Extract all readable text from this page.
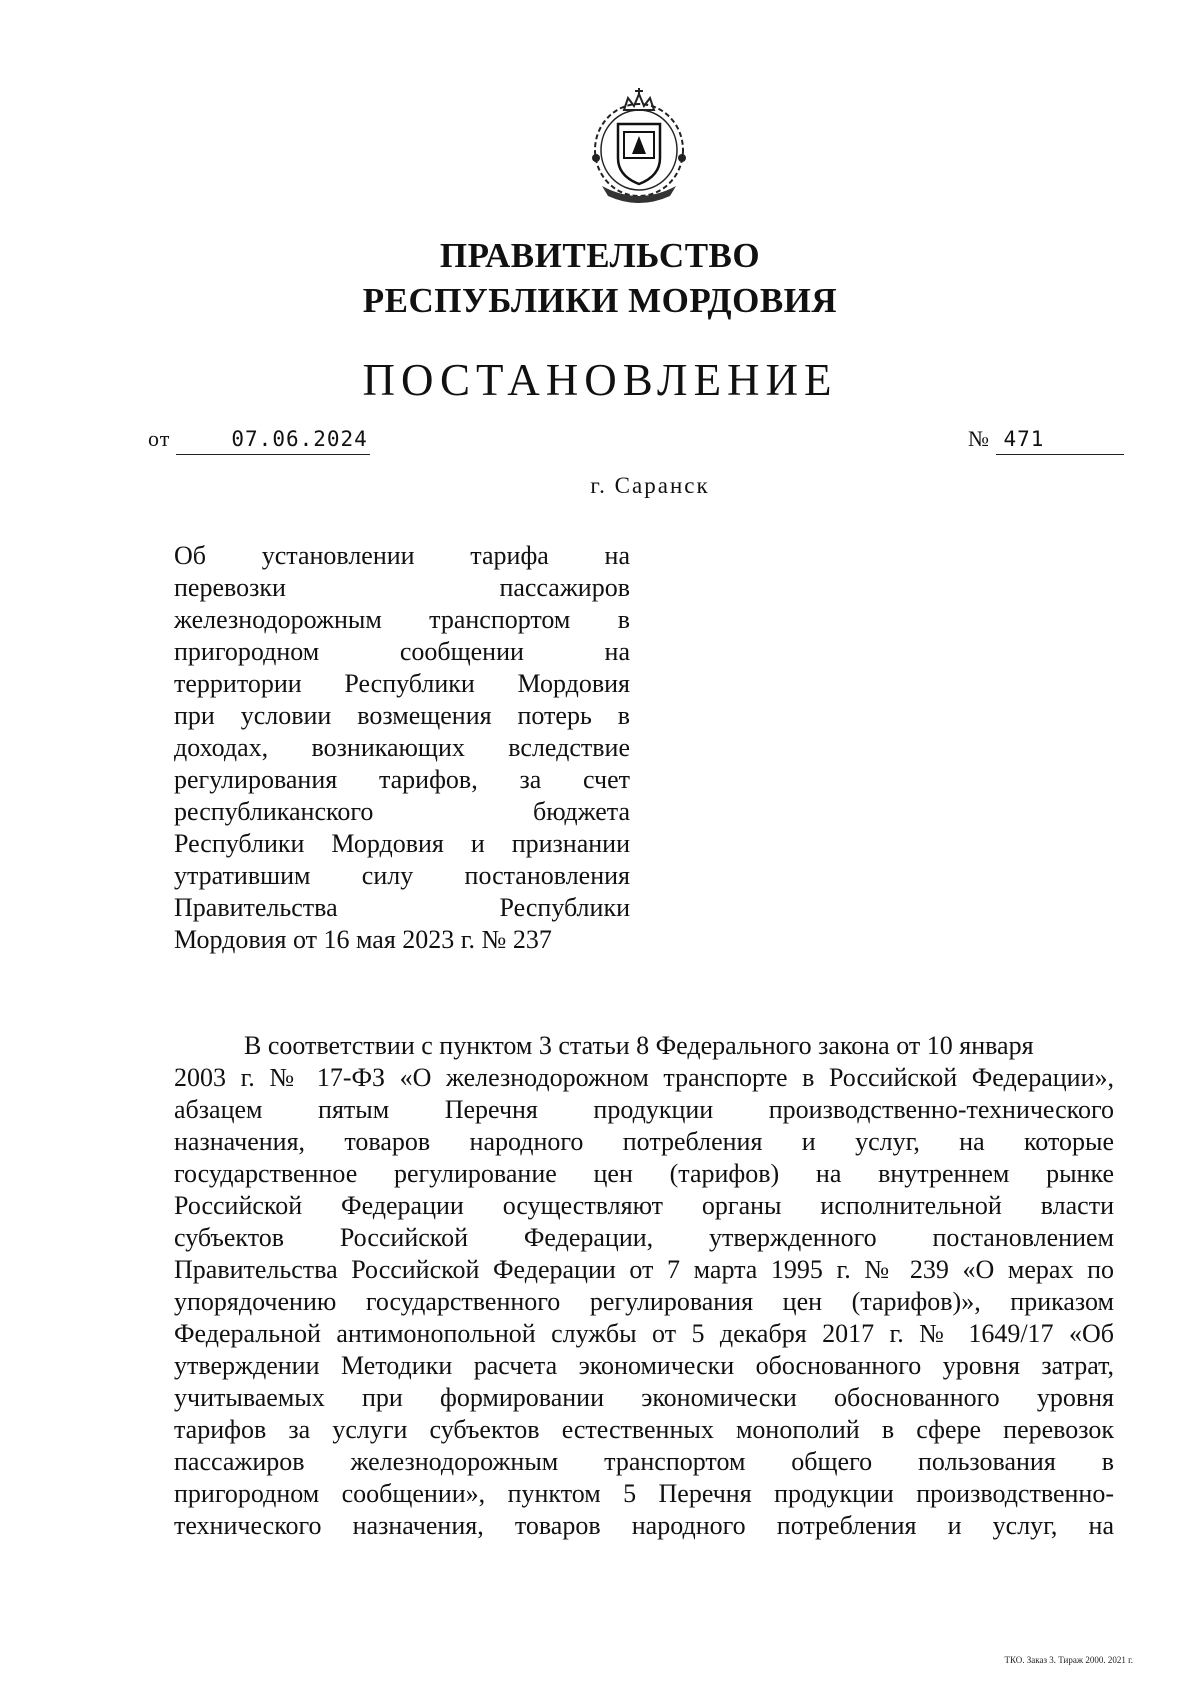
ПРАВИТЕЛЬСТВО
РЕСПУБЛИКИ МОРДОВИЯ
ПОСТАНОВЛЕНИЕ
от	07.06.2024	№ 471
г. Саранск
Об установлении тарифа на
перевозки пассажиров
железнодорожным транспортом в
пригородном сообщении на
территории Республики Мордовия
при условии возмещения потерь в
доходах, возникающих вследствие
регулирования тарифов, за счет
республиканского бюджета
Республики Мордовия и признании
утратившим силу постановления
Правительства Республики
Мордовия от 16 мая 2023 г. № 237
В соответствии с пунктом 3 статьи 8 Федерального закона от 10 января
2003 г. № 17-ФЗ «О железнодорожном транспорте в Российской Федерации»,
абзацем пятым Перечня продукции производственно-технического
назначения, товаров народного потребления и услуг, на которые
государственное регулирование цен (тарифов) на внутреннем рынке
Российской Федерации осуществляют органы исполнительной власти
субъектов Российской Федерации, утвержденного постановлением
Правительства Российской Федерации от 7 марта 1995 г. № 239 «О мерах по
упорядочению государственного регулирования цен (тарифов)», приказом
Федеральной антимонопольной службы от 5 декабря 2017 г. № 1649/17 «Об
утверждении Методики расчета экономически обоснованного уровня затрат,
учитываемых при формировании экономически обоснованного уровня
тарифов за услуги субъектов естественных монополий в сфере перевозок
пассажиров железнодорожным транспортом общего пользования в
пригородном сообщении», пунктом 5 Перечня продукции производственно-
технического назначения, товаров народного потребления и услуг, на
ТКО. Заказ 3. Тираж 2000. 2021 г.
